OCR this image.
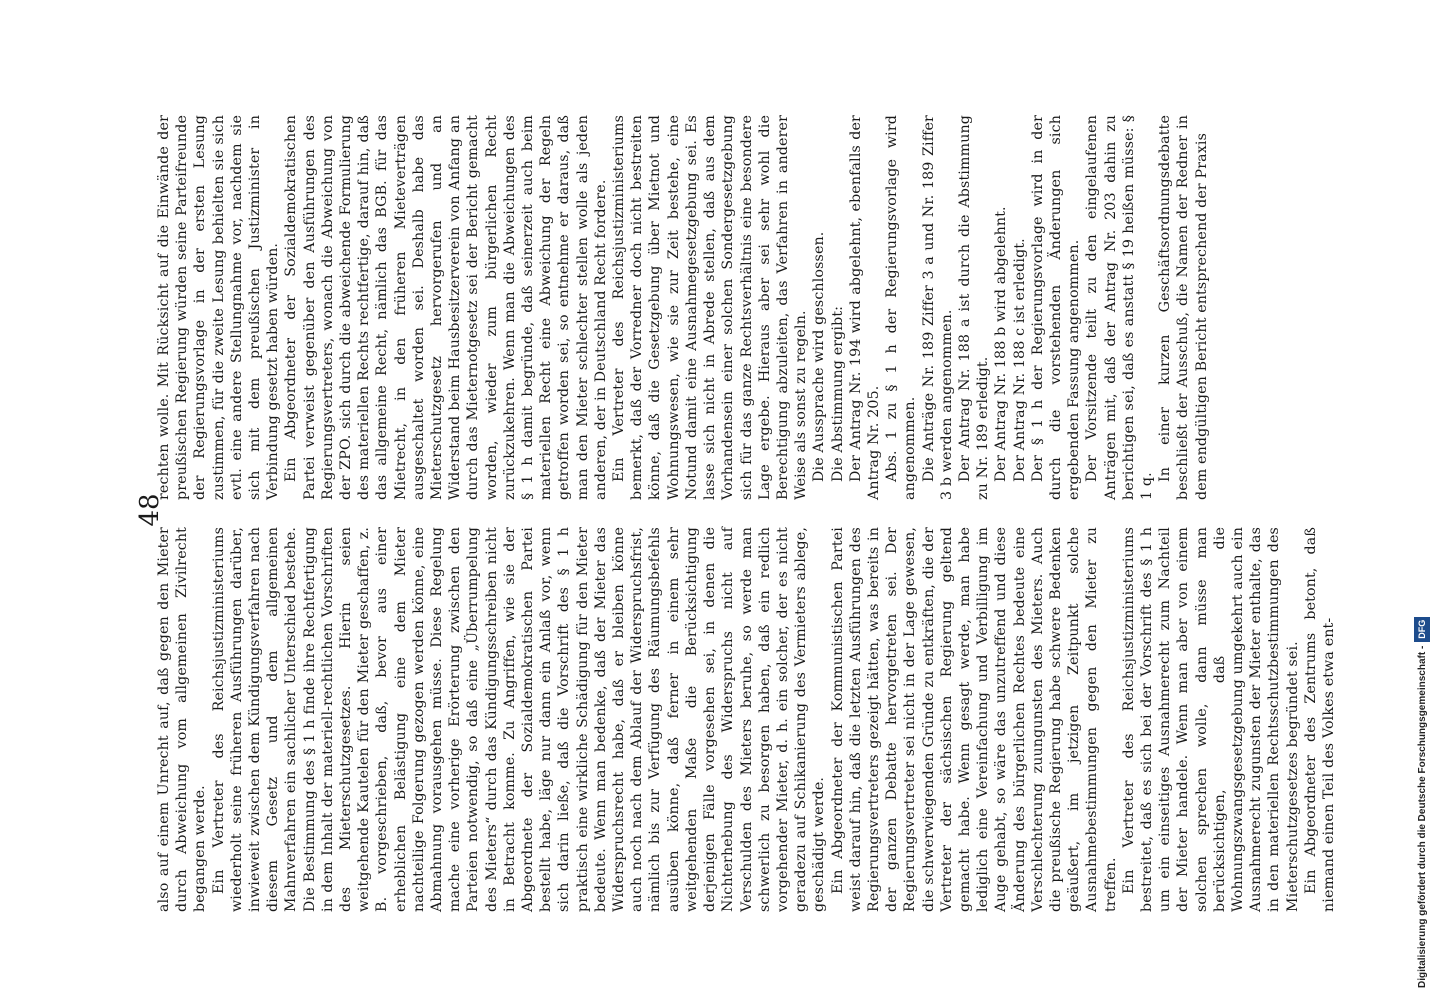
48

also auf einem Unrecht auf, daß gegen den Mieter durch Abweichung vom allgemeinen Zivilrecht begangen werde. Ein Vertreter des Reichsjustizministeriums wiederholt seine früheren Ausführungen darüber, inwieweit zwischen dem Kündigungsverfahren nach diesem Gesetz und dem allgemeinen Mahnverfahren ein sachlicher Unterschied bestehe. Die Bestimmung des § 1 h finde ihre Rechtfertigung in dem Inhalt der materiell-rechtlichen Vorschriften des Mieterschutzgesetzes. Hierin seien weitgehende Kautelen für den Mieter geschaffen, z. B. vorgeschrieben, daß, bevor aus einer erheblichen Belästigung eine dem Mieter nachteilige Folgerung gezogen werden könne, eine Abmahnung vorausgehen müsse. Diese Regelung mache eine vorherige Erörterung zwischen den Parteien notwendig, so daß eine „Überrumpelung des Mieters“ durch das Kündigungsschreiben nicht in Betracht komme. Zu Angriffen, wie sie der Abgeordnete der Sozialdemokratischen Partei bestellt habe, läge nur dann ein Anlaß vor, wenn sich darin ließe, daß die Vorschrift des § 1 h praktisch eine wirkliche Schädigung für den Mieter bedeute. Wenn man bedenke, daß der Mieter das Widerspruchsrecht habe, daß er bleiben könne auch noch nach dem Ablauf der Widerspruchsfrist, nämlich bis zur Verfügung des Räumungsbefehls ausüben könne, daß ferner in einem sehr weitgehenden Maße die Berücksichtigung derjenigen Fälle vorgesehen sei, in denen die Nichterhebung des Widerspruchs nicht auf Verschulden des Mieters beruhe, so werde man schwerlich zu besorgen haben, daß ein redlich vorgehender Mieter, d. h. ein solcher, der es nicht geradezu auf Schikanierung des Vermieters ablege, geschädigt werde. Ein Abgeordneter der Kommunistischen Partei weist darauf hin, daß die letzten Ausführungen des Regierungsvertreters gezeigt hätten, was bereits in der ganzen Debatte hervorgetreten sei. Der Regierungsvertreter sei nicht in der Lage gewesen, die schwerwiegenden Gründe zu entkräften, die der Vertreter der sächsischen Regierung geltend gemacht habe. Wenn gesagt werde, man habe lediglich eine Vereinfachung und Verbilligung im Auge gehabt, so wäre das unzutreffend und diese Änderung des bürgerlichen Rechtes bedeute eine Verschlechterung zuungunsten des Mieters. Auch die preußische Regierung habe schwere Bedenken geäußert, im jetzigen Zeitpunkt solche Ausnahmebestimmungen gegen den Mieter zu treffen. Ein Vertreter des Reichsjustizministeriums bestreitet, daß es sich bei der Vorschrift des § 1 h um ein einseitiges Ausnahmerecht zum Nachteil der Mieter handele. Wenn man aber von einem solchen sprechen wolle, dann müsse man berücksichtigen, daß die Wohnungszwangsgesetzgebung umgekehrt auch ein Ausnahmerecht zugunsten der Mieter enthalte, das in den materiellen Rechtsschutzbestimmungen des Mieterschutzgesetzes begründet sei. Ein Abgeordneter des Zentrums betont, daß niemand einen Teil des Volkes etwa ent-

rechten wolle. Mit Rücksicht auf die Einwände der preußischen Regierung würden seine Parteifreunde der Regierungsvorlage in der ersten Lesung zustimmen, für die zweite Lesung behielten sie sich evtl. eine andere Stellungnahme vor, nachdem sie sich mit dem preußischen Justizminister in Verbindung gesetzt haben würden. Ein Abgeordneter der Sozialdemokratischen Partei verweist gegenüber den Ausführungen des Regierungsvertreters, wonach die Abweichung von der ZPO. sich durch die abweichende Formulierung des materiellen Rechts rechtfertige, darauf hin, daß das allgemeine Recht, nämlich das BGB. für das Mietrecht, in den früheren Mieteverträgen ausgeschaltet worden sei. Deshalb habe das Mieterschutzgesetz hervorgerufen und an Widerstand beim Hausbesitzerverein von Anfang an durch das Mieternotgesetz sei der Bericht gemacht worden, wieder zum bürgerlichen Recht zurückzukehren. Wenn man die Abweichungen des § 1 h damit begründe, daß seinerzeit auch beim materiellen Recht eine Abweichung der Regeln getroffen worden sei, so entnehme er daraus, daß man den Mieter schlechter stellen wolle als jeden anderen, der in Deutschland Recht fordere. Ein Vertreter des Reichsjustizministeriums bemerkt, daß der Vorredner doch nicht bestreiten könne, daß die Gesetzgebung über Mietnot und Wohnungswesen, wie sie zur Zeit bestehe, eine Notund damit eine Ausnahmegesetzgebung sei. Es lasse sich nicht in Abrede stellen, daß aus dem Vorhandensein einer solchen Sondergesetzgebung sich für das ganze Rechtsverhältnis eine besondere Lage ergebe. Hieraus aber sei sehr wohl die Berechtigung abzuleiten, das Verfahren in anderer Weise als sonst zu regeln. Die Aussprache wird geschlossen. Die Abstimmung ergibt: Der Antrag Nr. 194 wird abgelehnt, ebenfalls der Antrag Nr. 205. Abs. 1 zu § 1 h der Regierungsvorlage wird angenommen. Die Anträge Nr. 189 Ziffer 3 a und Nr. 189 Ziffer 3 b werden angenommen. Der Antrag Nr. 188 a ist durch die Abstimmung zu Nr. 189 erledigt. Der Antrag Nr. 188 b wird abgelehnt. Der Antrag Nr. 188 c ist erledigt. Der § 1 h der Regierungsvorlage wird in der durch die vorstehenden Änderungen sich ergebenden Fassung angenommen. Der Vorsitzende teilt zu den eingelaufenen Anträgen mit, daß der Antrag Nr. 203 dahin zu berichtigen sei, daß es anstatt § 19 heißen müsse: § 1 q.

In einer kurzen Geschäftsordnungsdebatte beschließt der Ausschuß, die Namen der Redner in dem endgültigen Bericht entsprechend der Praxis

Digitalisierung gefördert durch die Deutsche Forschungsgemeinschaft -DFG
